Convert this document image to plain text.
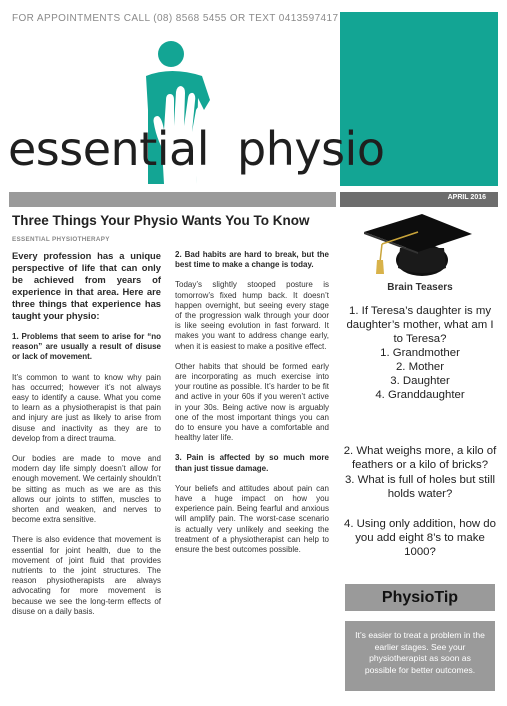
FOR APPOINTMENTS CALL (08) 8568 5455 OR TEXT 0413597417
essential physio
APRIL 2016
Three Things Your Physio Wants You To Know
ESSENTIAL PHYSIOTHERAPY

Every profession has a unique perspective of life that can only be achieved from years of experience in that area. Here are three things that experience has taught your physio:

1. Problems that seem to arise for “no reason” are usually a result of disuse or lack of movement.

It’s common to want to know why pain has occurred; however it’s not always easy to identify a cause. What you come to learn as a physiotherapist is that pain and injury are just as likely to arise from disuse and inactivity as they are to develop from a direct trauma.

Our bodies are made to move and modern day life simply doesn’t allow for enough movement. We certainly shouldn’t be sitting as much as we are as this allows our joints to stiffen, muscles to shorten and weaken, and nerves to become extra sensitive.

There is also evidence that movement is essential for joint health, due to the movement of joint fluid that provides nutrients to the joint structures. The reason physiotherapists are always advocating for more movement is because we see the long-term effects of disuse on a daily basis.

2. Bad habits are hard to break, but the best time to make a change is today.

Today’s slightly stooped posture is tomorrow’s fixed hump back. It doesn’t happen overnight, but seeing every stage of the progression walk through your door is like seeing evolution in fast forward. It makes you want to address change early, when it is easiest to make a positive effect.

Other habits that should be formed early are incorporating as much exercise into your routine as possible. It’s harder to be fit and active in your 60s if you weren’t active in your 30s. Being active now is arguably one of the most important things you can do to ensure you have a comfortable and healthy later life.

3. Pain is affected by so much more than just tissue damage.

Your beliefs and attitudes about pain can have a huge impact on how you experience pain. Being fearful and anxious will amplify pain. The worst-case scenario is actually very unlikely and seeking the treatment of a physiotherapist can help to ensure the best outcomes possible.

Brain Teasers
1. If Teresa’s daughter is my daughter’s mother, what am I to Teresa?
1. Grandmother
2. Mother
3. Daughter
4. Granddaughter
2. What weighs more, a kilo of feathers or a kilo of bricks?
3. What is full of holes but still holds water?
4. Using only addition, how do you add eight 8’s to make 1000?
PhysioTip
It’s easier to treat a problem in the earlier stages. See your physiotherapist as soon as possible for better outcomes.
